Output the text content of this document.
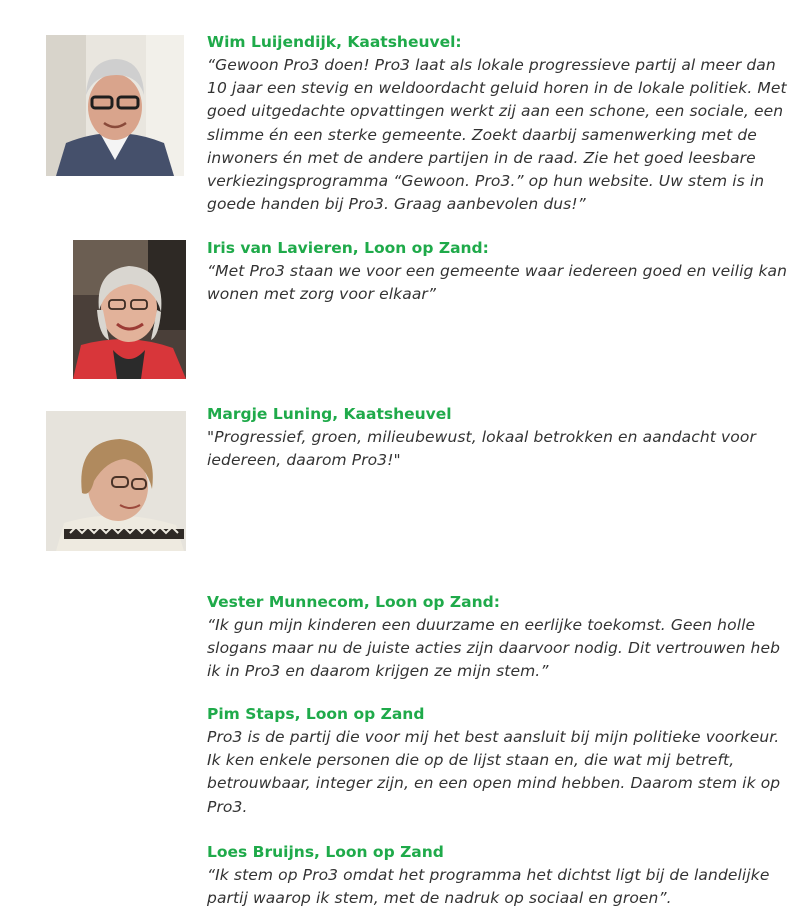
Wim Luijendijk, Kaatsheuvel:

“Gewoon Pro3 doen! Pro3 laat als lokale progressieve partij al meer dan 10 jaar een stevig en weldoordacht geluid horen in de lokale politiek. Met goed uitgedachte opvattingen werkt zij aan een schone, een sociale, een slimme én een sterke gemeente. Zoekt daarbij samenwerking met de inwoners én met de andere partijen in de raad. Zie het goed leesbare verkiezingsprogramma “Gewoon. Pro3.” op hun website. Uw stem is in goede handen bij Pro3. Graag aanbevolen dus!”

Iris van Lavieren, Loon op Zand:

“Met Pro3 staan we voor een gemeente waar iedereen goed en veilig kan wonen met zorg voor elkaar”

Margje Luning, Kaatsheuvel

"Progressief, groen, milieubewust, lokaal betrokken en aandacht voor iedereen, daarom Pro3!"

Vester Munnecom, Loon op Zand:

“Ik gun mijn kinderen een duurzame en eerlijke toekomst. Geen holle slogans maar nu de juiste acties zijn daarvoor nodig. Dit vertrouwen heb ik in Pro3 en daarom krijgen ze mijn stem.”

Pim Staps, Loon op Zand

Pro3 is de partij die voor mij het best aansluit bij mijn politieke voorkeur. Ik ken enkele personen die op de lijst staan en, die wat mij betreft, betrouwbaar, integer zijn, en een open mind hebben. Daarom stem ik op Pro3.

Loes Bruijns, Loon op Zand

“Ik stem op Pro3 omdat het programma het dichtst ligt bij de landelijke partij waarop ik stem, met de nadruk op sociaal en groen”.
